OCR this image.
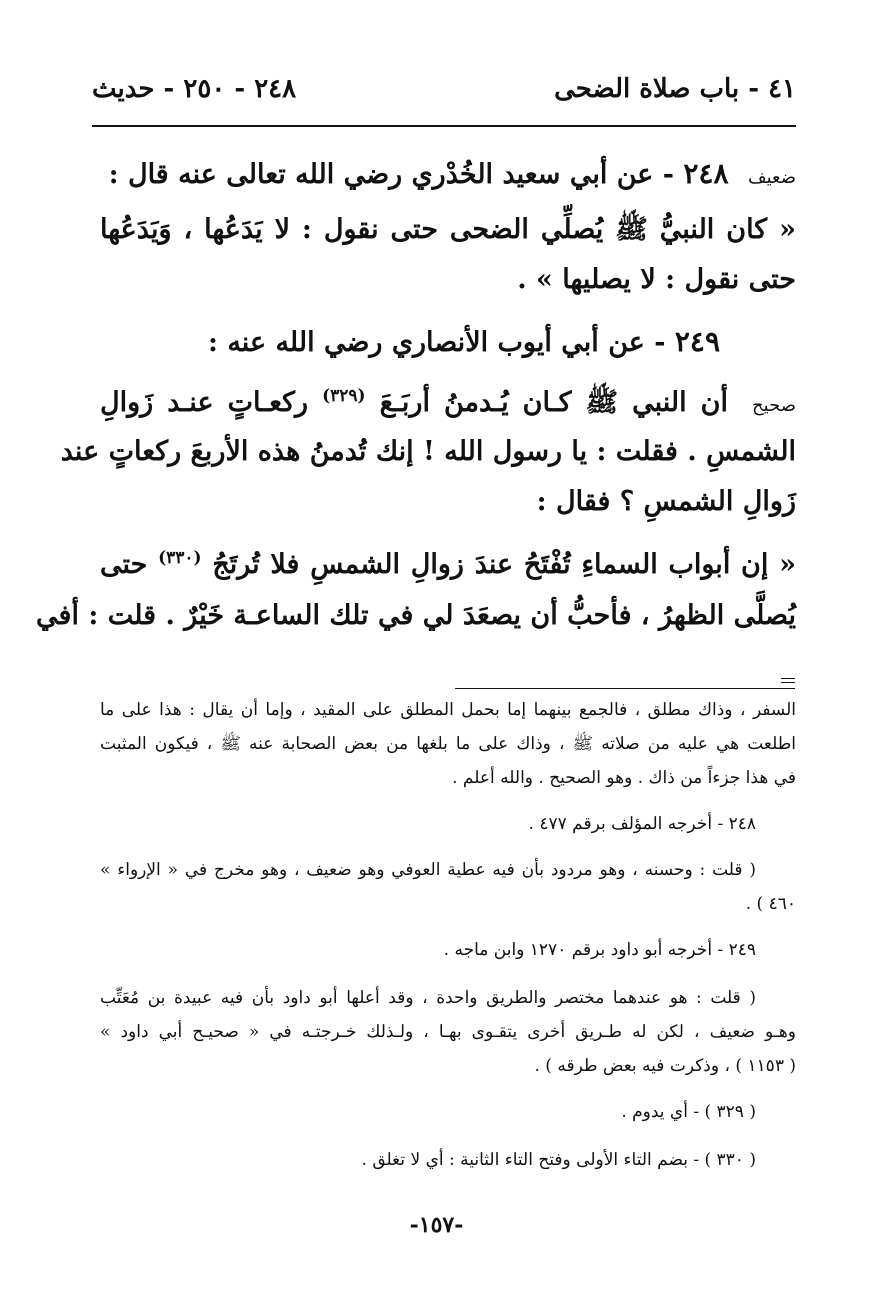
٤١ - باب صلاة الضحى
٢٤٨ - ٢٥٠ - حديث
ضعيف ٢٤٨ - عن أبي سعيد الخُدْري رضي الله تعالى عنه قال :
« كان النبيُّ ﷺ يُصلِّي الضحى حتى نقول : لا يَدَعُها ، وَيَدَعُها
حتى نقول : لا يصليها » .
٢٤٩ - عن أبي أيوب الأنصاري رضي الله عنه :
صحيح أن النبي ﷺ كـان يُـدمنُ أربَـعَ $^{(٣٢٩)}$ ركعـاتٍ عنـد زَوالِ
الشمسِ . فقلت : يا رسول الله ! إنك تُدمنُ هذه الأربعَ ركعاتٍ عند
زَوالِ الشمسِ ؟ فقال :
« إن أبواب السماءِ تُفْتَحُ عندَ زوالِ الشمسِ فلا تُرتَجُ $^{(٣٣٠)}$ حتى
يُصلَّى الظهرُ ، فأحبُّ أن يصعَدَ لي في تلك الساعـة خَيْرٌ . قلت : أفي
السفر ، وذاك مطلق ، فالجمع بينهما إما بحمل المطلق على المقيد ، وإما أن يقال : هذا على ما
اطلعت هي عليه من صلاته ﷺ ، وذاك على ما بلغها من بعض الصحابة عنه ﷺ ، فيكون المثبت
في هذا جزءاً من ذاك . وهو الصحيح . والله أعلم .
٢٤٨ - أخرجه المؤلف برقم ٤٧٧ .
( قلت : وحسنه ، وهو مردود بأن فيه عطية العوفي وهو ضعيف ، وهو مخرج في « الإرواء »
٤٦٠ ) .
٢٤٩ - أخرجه أبو داود برقم ١٢٧٠ وابن ماجه .
( قلت : هو عندهما مختصر والطريق واحدة ، وقد أعلها أبو داود بأن فيه عبيدة بن مُعَتِّب
وهـو ضعيف ، لكن له طـريق أخرى يتقـوى بهـا ، ولـذلك خـرجتـه في « صحيـح أبي داود »
( ١١٥٣ ) ، وذكرت فيه بعض طرقه ) .
( ٣٢٩ ) - أي يدوم .
( ٣٣٠ ) - بضم التاء الأولى وفتح التاء الثانية : أي لا تغلق .
-١٥٧-
